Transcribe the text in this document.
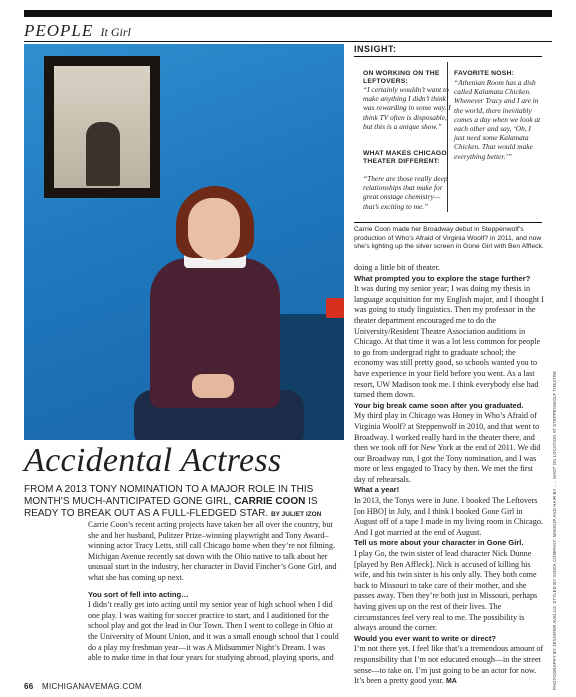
PEOPLE It Girl
INSIGHT:
ON WORKING ON THE LEFTOVERS:
“I certainly wouldn’t want to make anything I didn’t think was rewarding in some way. I think TV often is disposable, but this is a unique show.”
WHAT MAKES CHICAGO THEATER DIFFERENT:
“There are those really deep relationships that make for great onstage chemistry—that’s exciting to me.”
FAVORITE NOSH:
“Athenian Room has a dish called Kalamata Chicken. Whenever Tracy and I are in the world, there inevitably comes a day when we look at each other and say, ‘Oh, I just need some Kalamata Chicken. That would make everything better.’”
Carrie Coon made her Broadway debut in Steppenwolf’s production of Who’s Afraid of Virginia Woolf? in 2011, and now she’s lighting up the silver screen in Gone Girl with Ben Affleck.

doing a little bit of theater.

What prompted you to explore the stage further?

It was during my senior year; I was doing my thesis in language acquisition for my English major, and I thought I was going to study linguistics. Then my professor in the theater department encouraged me to do the University/Resident Theatre Association auditions in Chicago. At that time it was a lot less common for people to go from undergrad right to graduate school; the economy was still pretty good, so schools wanted you to have experience in your field before you went. As a last resort, UW Madison took me. I think everybody else had turned them down.

Your big break came soon after you graduated.

My third play in Chicago was Honey in Who’s Afraid of Virginia Woolf? at Steppenwolf in 2010, and that went to Broadway. I worked really hard in the theater there, and then we took off for New York at the end of 2011. We did our Broadway run, I got the Tony nomination, and I was more or less engaged to Tracy by then. We met the first day of rehearsals.

What a year!

In 2013, the Tonys were in June. I booked The Leftovers [on HBO] in July, and I think I booked Gone Girl in August off of a tape I made in my living room in Chicago. And I got married at the end of August.

Tell us more about your character in Gone Girl.

I play Go, the twin sister of lead character Nick Dunne [played by Ben Affleck]. Nick is accused of killing his wife, and his twin sister is his only ally. They both come back to Missouri to take care of their mother, and she passes away. Then they’re both just in Missouri, perhaps having given up on the rest of their lives. The circumstances feel very real to me. The possibility is always around the corner.

Would you ever want to write or direct?

I’m not there yet. I feel like that’s a tremendous amount of responsibility that I’m not educated enough—in the street sense—to take on. I’m just going to be an actor for now. It’s been a pretty good year. MA

Accidental Actress
FROM A 2013 TONY NOMINATION TO A MAJOR ROLE IN THIS MONTH’S MUCH-ANTICIPATED GONE GIRL, CARRIE COON IS READY TO BREAK OUT AS A FULL-FLEDGED STAR. BY JULIET IZON

Carrie Coon’s recent acting projects have taken her all over the country, but she and her husband, Pulitzer Prize–winning playwright and Tony Award–winning actor Tracy Letts, still call Chicago home when they’re not filming. Michigan Avenue recently sat down with the Ohio native to talk about her unusual start in the industry, her character in David Fincher’s Gone Girl, and what she has coming up next.

You sort of fell into acting…

I didn’t really get into acting until my senior year of high school when I did one play. I was waiting for soccer practice to start, and I auditioned for the school play and got the lead in Our Town. Then I went to college in Ohio at the University of Mount Union, and it was a small enough school that I could do a play my freshman year—it was A Midsummer Night’s Dream. I was able to make time in that four years for studying abroad, playing sports, and

66 MICHIGANAVEMAG.COM	PHOTOGRAPHY BY JENNIFER AVELLO; STYLED BY GOSIA COMPANY; MAKEUP AND HAIR BY ... ; SHOT ON LOCATION AT STEPPENWOLF THEATRE
